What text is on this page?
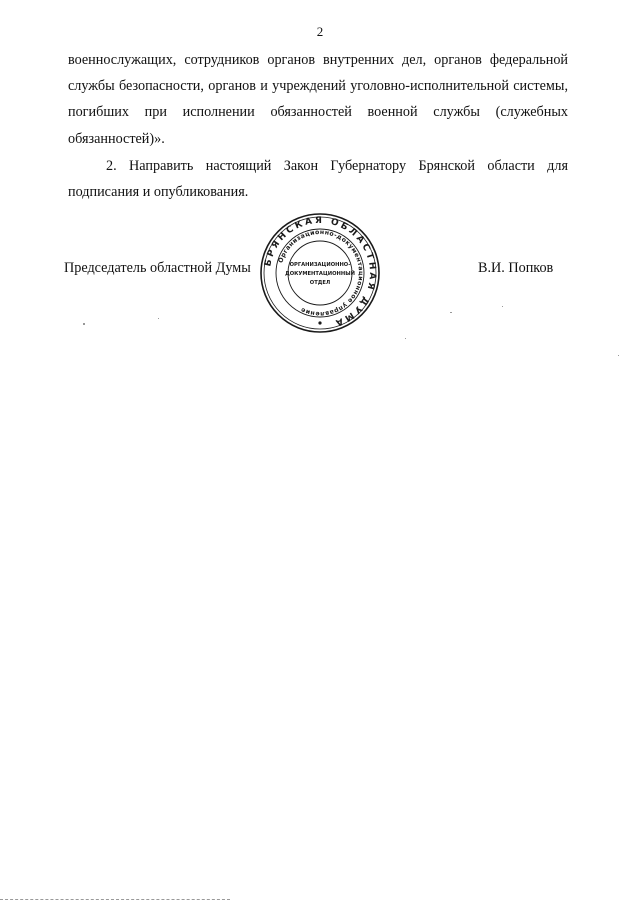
2

военнослужащих, сотрудников органов внутренних дел, органов федеральной службы безопасности, органов и учреждений уголовно-исполнительной системы, погибших при исполнении обязанностей военной службы (служебных обязанностей)».

2. Направить настоящий Закон Губернатору Брянской области для подписания и опубликования.

Председатель областной Думы БРЯНСКАЯ ОБЛАСТНАЯ ДУМА
Организационно-документационное управление
ОРГАНИЗАЦИОННО-
ДОКУМЕНТАЦИОННЫЙ
ОТДЕЛ
В.И. Попков
